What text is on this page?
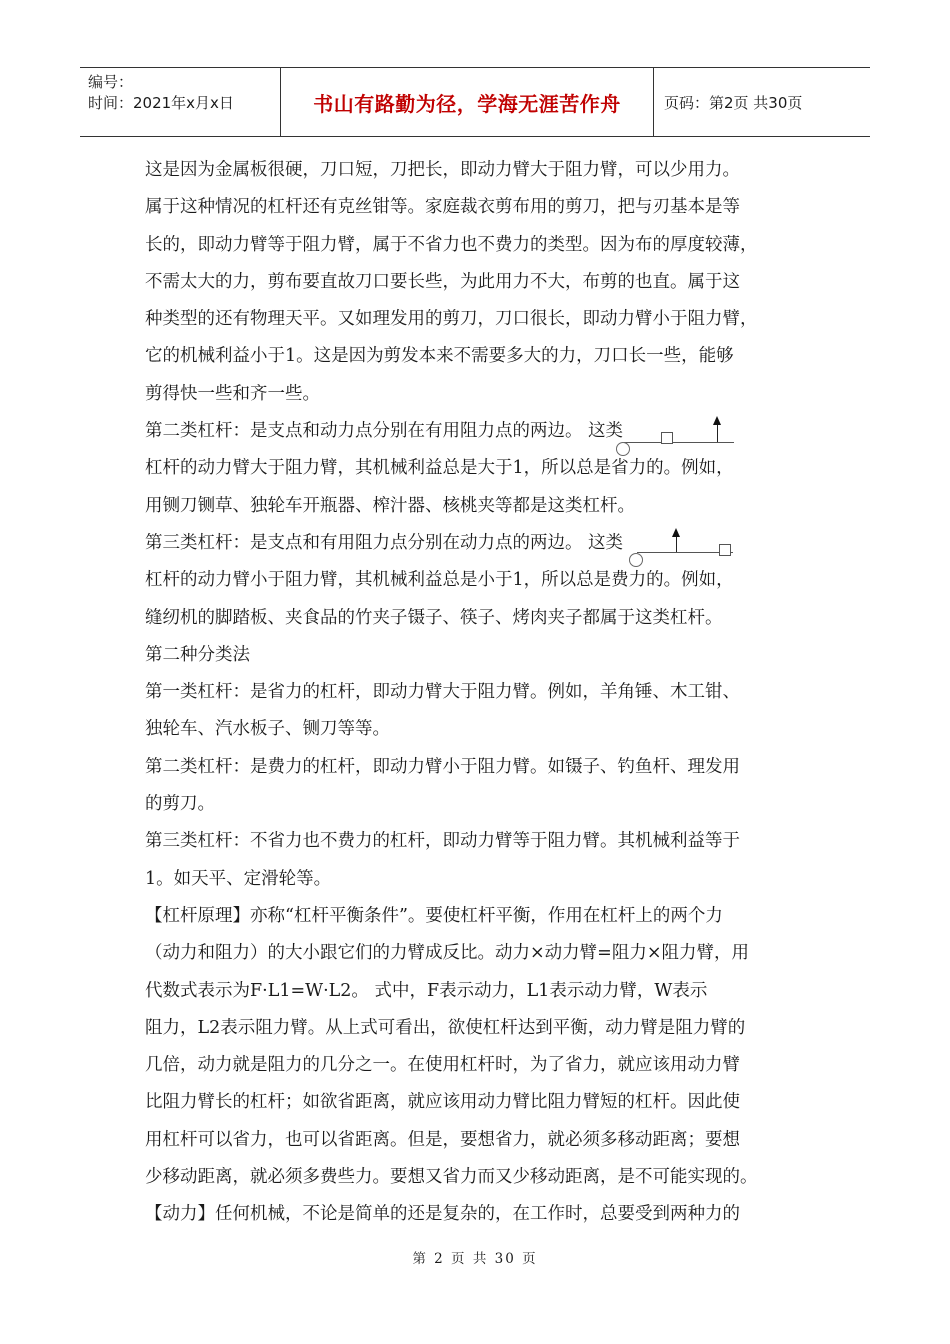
编号：
时间：2021年x月x日	书山有路勤为径，学海无涯苦作舟	页码：第2页 共30页

这是因为金属板很硬，刀口短，刀把长，即动力臂大于阻力臂，可以少用力。

属于这种情况的杠杆还有克丝钳等。家庭裁衣剪布用的剪刀，把与刃基本是等

长的，即动力臂等于阻力臂，属于不省力也不费力的类型。因为布的厚度较薄，

不需太大的力，剪布要直故刀口要长些，为此用力不大，布剪的也直。属于这

种类型的还有物理天平。又如理发用的剪刀，刀口很长，即动力臂小于阻力臂，

它的机械利益小于1。这是因为剪发本来不需要多大的力，刀口长一些，能够

剪得快一些和齐一些。

第二类杠杆：是支点和动力点分别在有用阻力点的两边。 这类

杠杆的动力臂大于阻力臂，其机械利益总是大于1，所以总是省力的。例如，

用铡刀铡草、独轮车开瓶器、榨汁器、核桃夹等都是这类杠杆。

第三类杠杆：是支点和有用阻力点分别在动力点的两边。 这类

杠杆的动力臂小于阻力臂，其机械利益总是小于1，所以总是费力的。例如，

缝纫机的脚踏板、夹食品的竹夹子镊子、筷子、烤肉夹子都属于这类杠杆。

第二种分类法

第一类杠杆：是省力的杠杆，即动力臂大于阻力臂。例如，羊角锤、木工钳、

独轮车、汽水板子、铡刀等等。

第二类杠杆：是费力的杠杆，即动力臂小于阻力臂。如镊子、钓鱼杆、理发用

的剪刀。

第三类杠杆：不省力也不费力的杠杆，即动力臂等于阻力臂。其机械利益等于

1。如天平、定滑轮等。

【杠杆原理】亦称“杠杆平衡条件”。要使杠杆平衡，作用在杠杆上的两个力

（动力和阻力）的大小跟它们的力臂成反比。动力×动力臂=阻力×阻力臂，用

代数式表示为F·L1=W·L2。 式中，F表示动力，L1表示动力臂，W表示

阻力，L2表示阻力臂。从上式可看出，欲使杠杆达到平衡，动力臂是阻力臂的

几倍，动力就是阻力的几分之一。在使用杠杆时，为了省力，就应该用动力臂

比阻力臂长的杠杆；如欲省距离，就应该用动力臂比阻力臂短的杠杆。因此使

用杠杆可以省力，也可以省距离。但是，要想省力，就必须多移动距离；要想

少移动距离，就必须多费些力。要想又省力而又少移动距离，是不可能实现的。

【动力】任何机械，不论是简单的还是复杂的，在工作时，总要受到两种力的

第 2 页 共 30 页
